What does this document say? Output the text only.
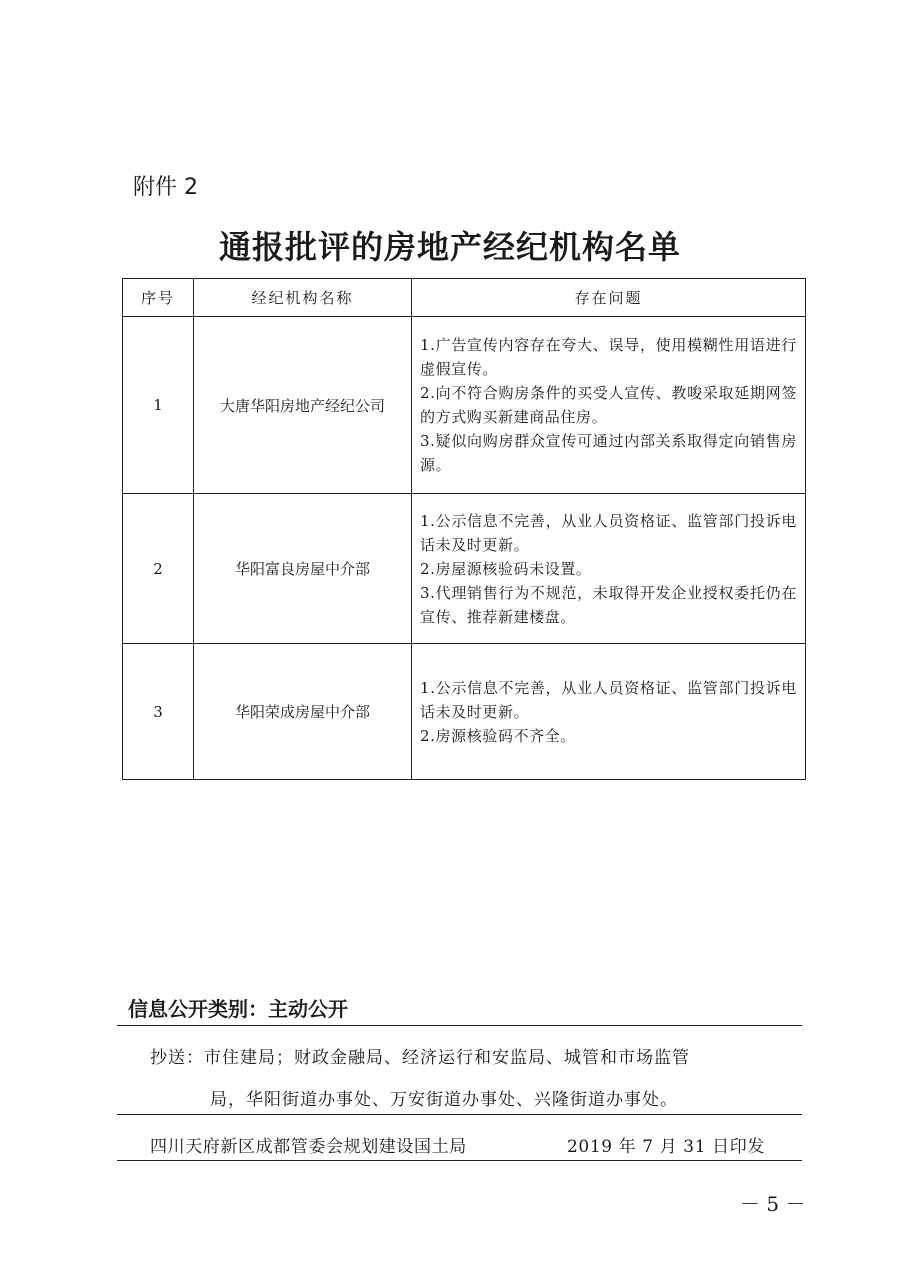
附件 2
通报批评的房地产经纪机构名单
序号	经纪机构名称	存在问题
1	大唐华阳房地产经纪公司	1.广告宣传内容存在夸大、误导，使用模糊性用语进行虚假宣传。
2.向不符合购房条件的买受人宣传、教唆采取延期网签的方式购买新建商品住房。
3.疑似向购房群众宣传可通过内部关系取得定向销售房源。

2	华阳富良房屋中介部	1.公示信息不完善，从业人员资格证、监管部门投诉电话未及时更新。
2.房屋源核验码未设置。
3.代理销售行为不规范，未取得开发企业授权委托仍在宣传、推荐新建楼盘。

3	华阳荣成房屋中介部	1.公示信息不完善，从业人员资格证、监管部门投诉电话未及时更新。
2.房源核验码不齐全。
信息公开类别：主动公开
抄送：市住建局；财政金融局、经济运行和安监局、城管和市场监管
局，华阳街道办事处、万安街道办事处、兴隆街道办事处。
四川天府新区成都管委会规划建设国土局	2019 年 7 月 31 日印发
－ 5 －
